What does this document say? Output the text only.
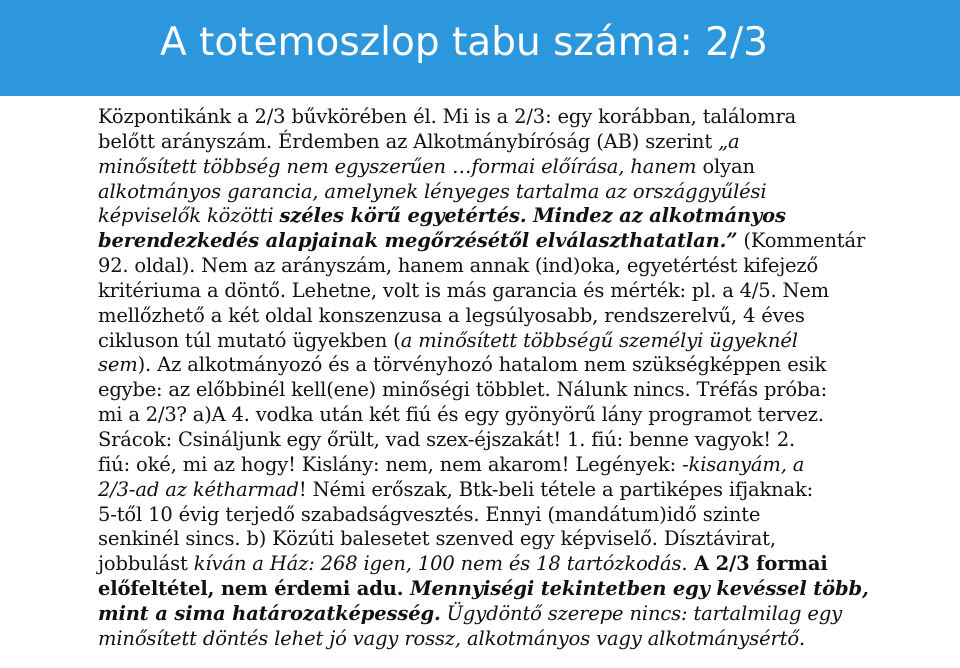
A totemoszlop tabu száma: 2/3
Központikánk a 2/3 bűvkörében él. Mi is a 2/3: egy korábban, találomra
belőtt arányszám. Érdemben az Alkotmánybíróság (AB) szerint „a
minősített többség nem egyszerűen …formai előírása, hanem olyan
alkotmányos garancia, amelynek lényeges tartalma az országgyűlési
képviselők közötti széles körű egyetértés. Mindez az alkotmányos
berendezkedés alapjainak megőrzésétől elválaszthatatlan.” (Kommentár
92. oldal). Nem az arányszám, hanem annak (ind)oka, egyetértést kifejező
kritériuma a döntő. Lehetne, volt is más garancia és mérték: pl. a 4/5. Nem
mellőzhető a két oldal konszenzusa a legsúlyosabb, rendszerelvű, 4 éves
cikluson túl mutató ügyekben (a minősített többségű személyi ügyeknél
sem). Az alkotmányozó és a törvényhozó hatalom nem szükségképpen esik
egybe: az előbbinél kell(ene) minőségi többlet. Nálunk nincs. Tréfás próba:
mi a 2/3? a)A 4. vodka után két fiú és egy gyönyörű lány programot tervez.
Srácok: Csináljunk egy őrült, vad szex-éjszakát! 1. fiú: benne vagyok! 2.
fiú: oké, mi az hogy! Kislány: nem, nem akarom! Legények: -kisanyám, a
2/3-ad az kétharmad! Némi erőszak, Btk-beli tétele a partiképes ifjaknak:
5-től 10 évig terjedő szabadságvesztés. Ennyi (mandátum)idő szinte
senkinél sincs. b) Közúti balesetet szenved egy képviselő. Dísztávirat,
jobbulást kíván a Ház: 268 igen, 100 nem és 18 tartózkodás. A 2/3 formai
előfeltétel, nem érdemi adu. Mennyiségi tekintetben egy kevéssel több,
mint a sima határozatképesség. Ügydöntő szerepe nincs: tartalmilag egy
minősített döntés lehet jó vagy rossz, alkotmányos vagy alkotmánysértő.
